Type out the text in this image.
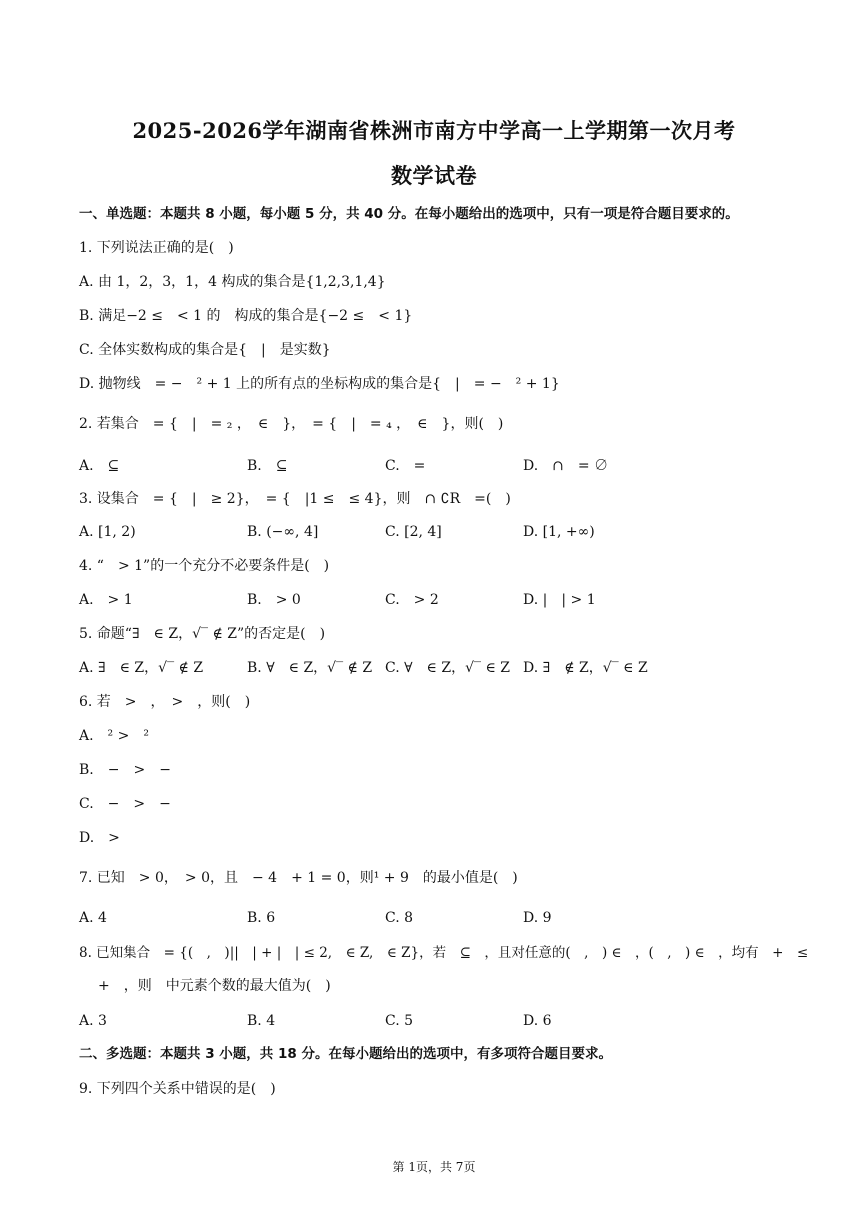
2025-2026学年湖南省株洲市南方中学高一上学期第一次月考
数学试卷
一、单选题：本题共 8 小题，每小题 5 分，共 40 分。在每小题给出的选项中，只有一项是符合题目要求的。
1. 下列说法正确的是(　)
A. 由 1，2，3，1，4 构成的集合是{1,2,3,1,4}
B. 满足−2 ≤　< 1 的　构成的集合是{−2 ≤　< 1}
C. 全体实数构成的集合是{　|　是实数}
D. 抛物线　= −　² + 1 上的所有点的坐标构成的集合是{　|　= −　² + 1}
2. 若集合　= {　|　= ₂ ，　∈　}，　= {　|　= ₄ ，　∈　}，则(　)
A.　⊆	B.　⊆	C.　=	D.　∩　= ∅
3. 设集合　= {　|　≥ 2}，　= {　|1 ≤　≤ 4}，则　∩ ∁R　=(　)
A. [1, 2)	B. (−∞, 4]	C. [2, 4]	D. [1, +∞)
4. “　> 1”的一个充分不必要条件是(　)
A.　> 1	B.　> 0	C.　> 2	D. |　| > 1
5. 命题“∃　∈ Z，√‾ ∉ Z”的否定是(　)
A. ∃　∈ Z，√‾ ∉ Z	B. ∀　∈ Z，√‾ ∉ Z C. ∀　∈ Z，√‾ ∈ Z D. ∃　∉ Z，√‾ ∈ Z
6. 若　>　，　>　，则(　)
A.　² >　²
B.　−　>　−
C.　−　>　−
D.　>
7. 已知　> 0，　> 0，且　− 4　+ 1 = 0，则¹ + 9　的最小值是(　)
A. 4	B. 6	C. 8	D. 9
8. 已知集合　= {(　,　)||　| + |　| ≤ 2,　∈ Z,　∈ Z}，若　⊆　，且对任意的(　,　) ∈　，(　,　) ∈　，均有　+　≤
+　，则　中元素个数的最大值为(　)
A. 3	B. 4	C. 5	D. 6
二、多选题：本题共 3 小题，共 18 分。在每小题给出的选项中，有多项符合题目要求。
9. 下列四个关系中错误的是(　)
第 1页，共 7页
